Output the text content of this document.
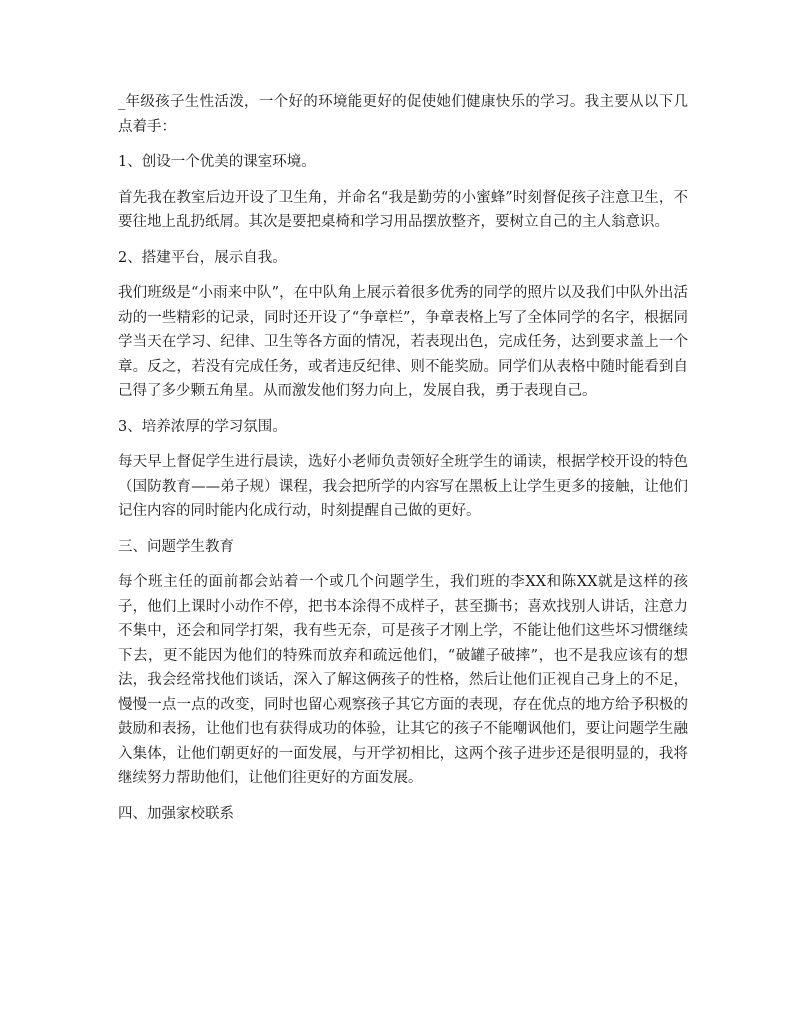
_年级孩子生性活泼，一个好的环境能更好的促使她们健康快乐的学习。我主要从以下几点着手：

1、创设一个优美的课室环境。

首先我在教室后边开设了卫生角，并命名“我是勤劳的小蜜蜂”时刻督促孩子注意卫生，不要往地上乱扔纸屑。其次是要把桌椅和学习用品摆放整齐，要树立自己的主人翁意识。

2、搭建平台，展示自我。

我们班级是“小雨来中队”，在中队角上展示着很多优秀的同学的照片以及我们中队外出活动的一些精彩的记录，同时还开设了“争章栏”，争章表格上写了全体同学的名字，根据同学当天在学习、纪律、卫生等各方面的情况，若表现出色，完成任务，达到要求盖上一个章。反之，若没有完成任务，或者违反纪律、则不能奖励。同学们从表格中随时能看到自己得了多少颗五角星。从而激发他们努力向上，发展自我，勇于表现自己。

3、培养浓厚的学习氛围。

每天早上督促学生进行晨读，选好小老师负责领好全班学生的诵读，根据学校开设的特色（国防教育——弟子规）课程，我会把所学的内容写在黑板上让学生更多的接触，让他们记住内容的同时能内化成行动，时刻提醒自己做的更好。

三、问题学生教育

每个班主任的面前都会站着一个或几个问题学生，我们班的李XX和陈XX就是这样的孩子，他们上课时小动作不停，把书本涂得不成样子，甚至撕书；喜欢找别人讲话，注意力不集中，还会和同学打架，我有些无奈，可是孩子才刚上学，不能让他们这些坏习惯继续下去，更不能因为他们的特殊而放弃和疏远他们，“破罐子破摔”，也不是我应该有的想法，我会经常找他们谈话，深入了解这俩孩子的性格，然后让他们正视自己身上的不足，慢慢一点一点的改变，同时也留心观察孩子其它方面的表现，存在优点的地方给予积极的鼓励和表扬，让他们也有获得成功的体验，让其它的孩子不能嘲讽他们，要让问题学生融入集体，让他们朝更好的一面发展，与开学初相比，这两个孩子进步还是很明显的，我将继续努力帮助他们，让他们往更好的方面发展。

四、加强家校联系
